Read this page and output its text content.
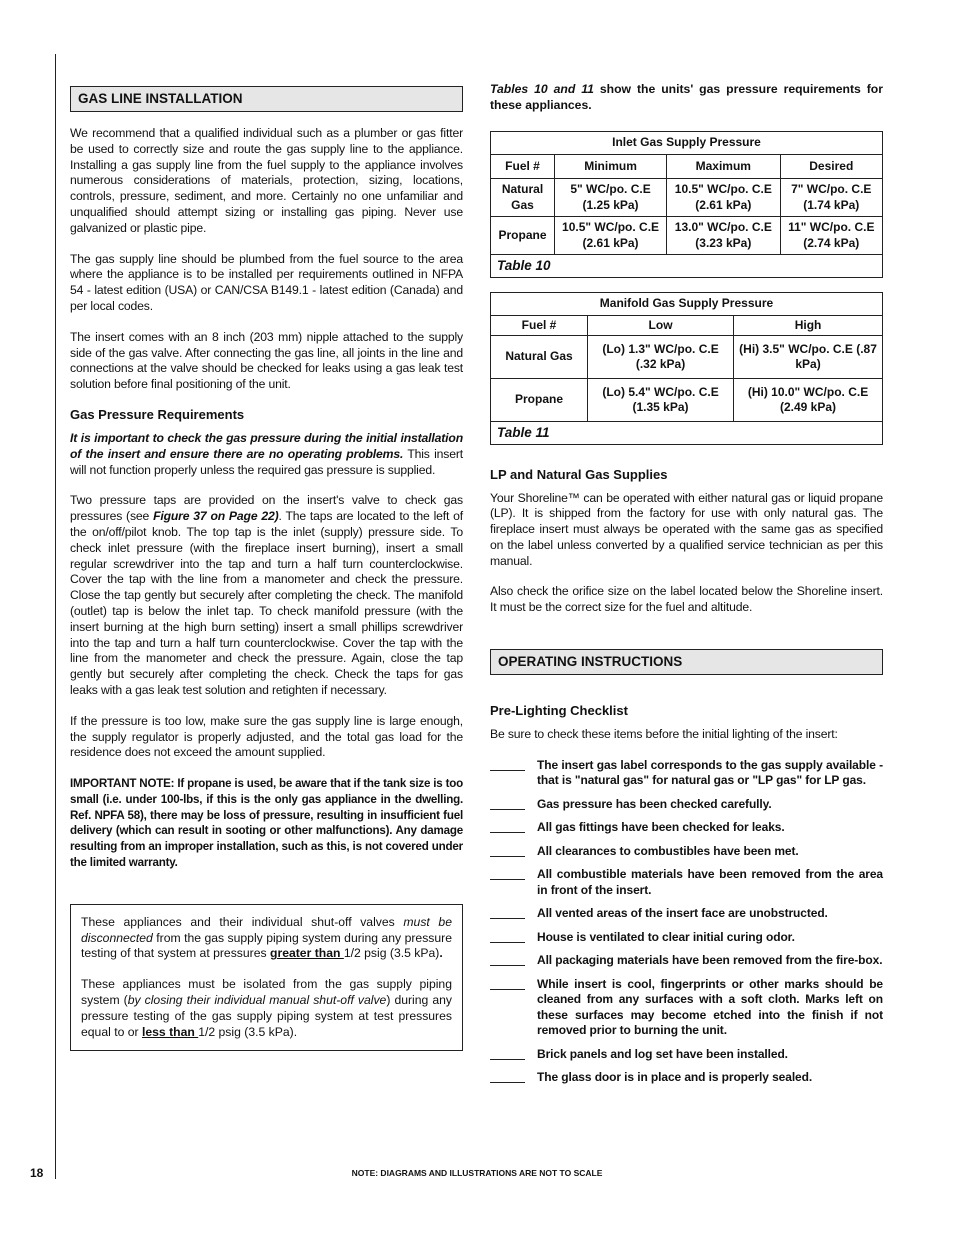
GAS LINE INSTALLATION

We recommend that a qualified individual such as a plumber or gas fitter be used to correctly size and route the gas supply line to the appliance. Installing a gas supply line from the fuel supply to the appliance involves numerous considerations of materials, protection, sizing, locations, controls, pressure, sediment, and more. Certainly no one unfamiliar and unqualified should attempt sizing or installing gas piping. Never use galvanized or plastic pipe.

The gas supply line should be plumbed from the fuel source to the area where the appliance is to be installed per requirements outlined in NFPA 54 - latest edition (USA) or CAN/CSA B149.1 - latest edition (Canada) and per local codes.

The insert comes with an 8 inch (203 mm) nipple attached to the supply side of the gas valve. After connecting the gas line, all joints in the line and connections at the valve should be checked for leaks using a gas leak test solution before final positioning of the unit.

Gas Pressure Requirements

It is important to check the gas pressure during the initial installation of the insert and ensure there are no operating problems. This insert will not function properly unless the required gas pressure is supplied.

Two pressure taps are provided on the insert's valve to check gas pressures (see Figure 37 on Page 22). The taps are located to the left of the on/off/pilot knob. The top tap is the inlet (supply) pressure side. To check inlet pressure (with the fireplace insert burning), insert a small regular screwdriver into the tap and turn a half turn counterclockwise. Cover the tap with the line from a manometer and check the pressure. Close the tap gently but securely after completing the check. The manifold (outlet) tap is below the inlet tap. To check manifold pressure (with the insert burning at the high burn setting) insert a small phillips screwdriver into the tap and turn a half turn counterclockwise. Cover the tap with the line from the manometer and check the pressure. Again, close the tap gently but securely after completing the check. Check the taps for gas leaks with a gas leak test solution and retighten if necessary.

If the pressure is too low, make sure the gas supply line is large enough, the supply regulator is properly adjusted, and the total gas load for the residence does not exceed the amount supplied.

IMPORTANT NOTE: If propane is used, be aware that if the tank size is too small (i.e. under 100-lbs, if this is the only gas appliance in the dwelling. Ref. NPFA 58), there may be loss of pressure, resulting in insufficient fuel delivery (which can result in sooting or other malfunctions). Any damage resulting from an improper installation, such as this, is not covered under the limited warranty.

These appliances and their individual shut-off valves must be disconnected from the gas supply piping system during any pressure testing of that system at pressures greater than 1/2 psig (3.5 kPa).

These appliances must be isolated from the gas supply piping system (by closing their individual manual shut-off valve) during any pressure testing of the gas supply piping system at test pressures equal to or less than 1/2 psig (3.5 kPa).

Tables 10 and 11 show the units' gas pressure requirements for these appliances.

Inlet Gas Supply Pressure			
Fuel #	Minimum	Maximum	Desired
Natural Gas	5" WC/po. C.E (1.25 kPa)	10.5" WC/po. C.E (2.61 kPa)	7" WC/po. C.E (1.74 kPa)
Propane	10.5" WC/po. C.E (2.61 kPa)	13.0" WC/po. C.E (3.23 kPa)	11" WC/po. C.E (2.74 kPa)
Table 10			
Manifold Gas Supply Pressure		
Fuel #	Low	High
Natural Gas	(Lo) 1.3" WC/po. C.E (.32 kPa)	(Hi) 3.5" WC/po. C.E (.87 kPa)
Propane	(Lo) 5.4" WC/po. C.E (1.35 kPa)	(Hi) 10.0" WC/po. C.E (2.49 kPa)
Table 11		
LP and Natural Gas Supplies

Your Shoreline™ can be operated with either natural gas or liquid propane (LP). It is shipped from the factory for use with only natural gas. The fireplace insert must always be operated with the same gas as specified on the label unless converted by a qualified service technician as per this manual.

Also check the orifice size on the label located below the Shoreline insert. It must be the correct size for the fuel and altitude.

OPERATING INSTRUCTIONS
Pre-Lighting Checklist

Be sure to check these items before the initial lighting of the insert:

The insert gas label corresponds to the gas supply available - that is "natural gas" for natural gas or "LP gas" for LP gas.
Gas pressure has been checked carefully.
All gas fittings have been checked for leaks.
All clearances to combustibles have been met.
All combustible materials have been removed from the area in front of the insert.
All vented areas of the insert face are unobstructed.
House is ventilated to clear initial curing odor.
All packaging materials have been removed from the fire-box.
While insert is cool, fingerprints or other marks should be cleaned from any surfaces with a soft cloth. Marks left on these surfaces may become etched into the finish if not removed prior to burning the unit.
Brick panels and log set have been installed.
The glass door is in place and is properly sealed.
18	NOTE: DIAGRAMS AND ILLUSTRATIONS ARE NOT TO SCALE
